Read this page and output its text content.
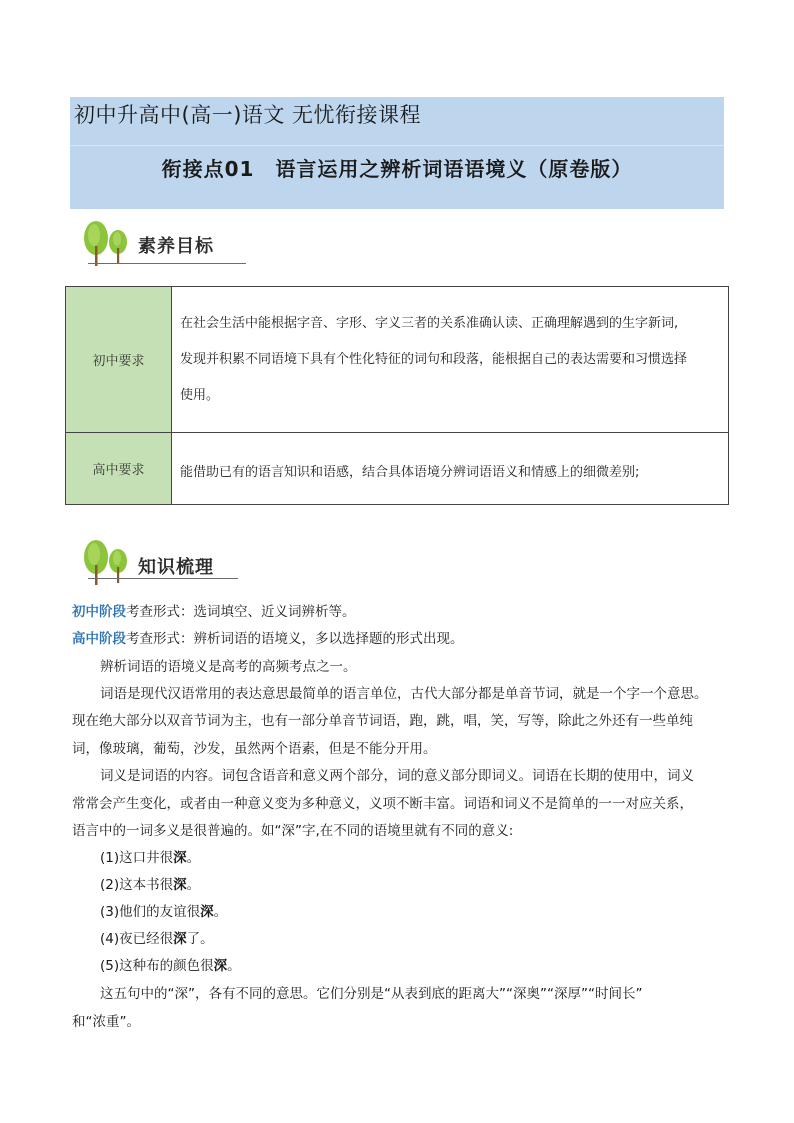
初中升高中(高一)语文 无忧衔接课程
衔接点01　语言运用之辨析词语语境义（原卷版）
素养目标
初中要求	在社会生活中能根据字音、字形、字义三者的关系准确认读、正确理解遇到的生字新词,
发现并积累不同语境下具有个性化特征的词句和段落，能根据自己的表达需要和习惯选择
使用。

高中要求	能借助已有的语言知识和语感，结合具体语境分辨词语语义和情感上的细微差别;
知识梳理
初中阶段考查形式：选词填空、近义词辨析等。
高中阶段考查形式：辨析词语的语境义，多以选择题的形式出现。
辨析词语的语境义是高考的高频考点之一。
词语是现代汉语常用的表达意思最简单的语言单位，古代大部分都是单音节词，就是一个字一个意思。
现在绝大部分以双音节词为主，也有一部分单音节词语，跑，跳，唱，笑，写等，除此之外还有一些单纯
词，像玻璃，葡萄，沙发，虽然两个语素，但是不能分开用。
词义是词语的内容。词包含语音和意义两个部分，词的意义部分即词义。词语在长期的使用中，词义
常常会产生变化，或者由一种意义变为多种意义，义项不断丰富。词语和词义不是简单的一一对应关系，
语言中的一词多义是很普遍的。如“深”字,在不同的语境里就有不同的意义:
(1)这口井很深。
(2)这本书很深。
(3)他们的友谊很深。
(4)夜已经很深了。
(5)这种布的颜色很深。
这五句中的“深”，各有不同的意思。它们分别是“从表到底的距离大”“深奥”“深厚”“时间长”
和“浓重”。
